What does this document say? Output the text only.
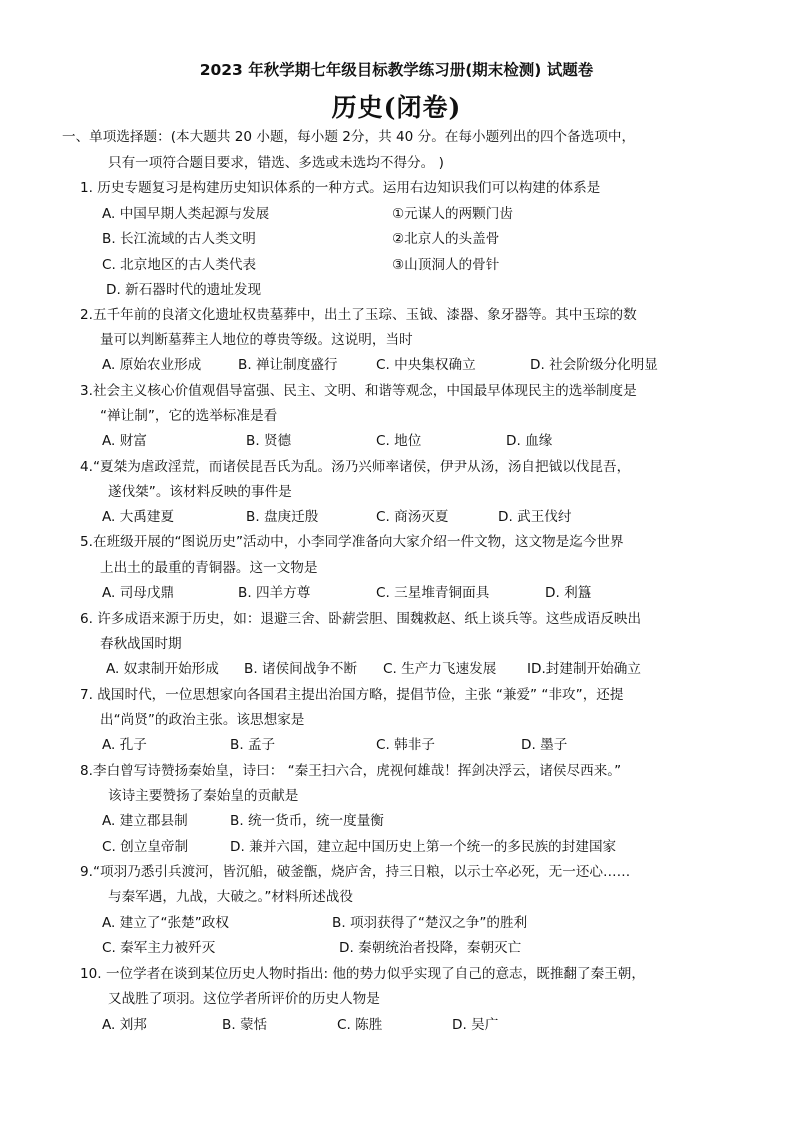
2023 年秋学期七年级目标教学练习册(期末检测) 试题卷
历史(闭卷)
一、单项选择题：(本大题共 20 小题，每小题 2分，共 40 分。在每小题列出的四个备选项中，
只有一项符合题目要求，错选、多选或未选均不得分。 )
1. 历史专题复习是构建历史知识体系的一种方式。运用右边知识我们可以构建的体系是
A. 中国早期人类起源与发展	①元谋人的两颗门齿
B. 长江流域的古人类文明	②北京人的头盖骨
C. 北京地区的古人类代表	③山顶洞人的骨针
D. 新石器时代的遗址发现
2.五千年前的良渚文化遗址权贵墓葬中，出土了玉琮、玉钺、漆器、象牙器等。其中玉琮的数
量可以判断墓葬主人地位的尊贵等级。这说明，当时
A. 原始农业形成	B. 禅让制度盛行	C. 中央集权确立	D. 社会阶级分化明显
3.社会主义核心价值观倡导富强、民主、文明、和谐等观念，中国最早体现民主的选举制度是
“禅让制”，它的选举标准是看
A. 财富	B. 贤德	C. 地位	D. 血缘
4.“夏桀为虐政淫荒，而诸侯昆吾氏为乱。汤乃兴师率诸侯，伊尹从汤，汤自把钺以伐昆吾，
遂伐桀”。该材料反映的事件是
A. 大禹建夏	B. 盘庚迁殷	C. 商汤灭夏	D. 武王伐纣
5.在班级开展的“图说历史”活动中，小李同学准备向大家介绍一件文物，这文物是迄今世界
上出土的最重的青铜器。这一文物是
A. 司母戊鼎	B. 四羊方尊	C. 三星堆青铜面具	D. 利簋
6. 许多成语来源于历史，如：退避三舍、卧薪尝胆、围魏救赵、纸上谈兵等。这些成语反映出
春秋战国时期
A. 奴隶制开始形成 B. 诸侯间战争不断 C. 生产力飞速发展 ID.封建制开始确立
7. 战国时代，一位思想家向各国君主提出治国方略，提倡节俭，主张 “兼爱” “非攻”，还提
出“尚贤”的政治主张。该思想家是
A. 孔子	B. 孟子	C. 韩非子	D. 墨子
8.李白曾写诗赞扬秦始皇，诗曰： “秦王扫六合，虎视何雄哉！挥剑决浮云，诸侯尽西来。”
该诗主要赞扬了秦始皇的贡献是
A. 建立郡县制	B. 统一货币，统一度量衡
C. 创立皇帝制	D. 兼并六国，建立起中国历史上第一个统一的多民族的封建国家
9.“项羽乃悉引兵渡河，皆沉船，破釜甑，烧庐舍，持三日粮，以示士卒必死，无一还心……
与秦军遇，九战，大破之。”材料所述战役
A. 建立了“张楚”政权	B. 项羽获得了“楚汉之争”的胜利
C. 秦军主力被歼灭	D. 秦朝统治者投降，秦朝灭亡
10. 一位学者在谈到某位历史人物时指出: 他的势力似乎实现了自己的意志，既推翻了秦王朝，
又战胜了项羽。这位学者所评价的历史人物是
A. 刘邦	B. 蒙恬	C. 陈胜	D. 吴广
